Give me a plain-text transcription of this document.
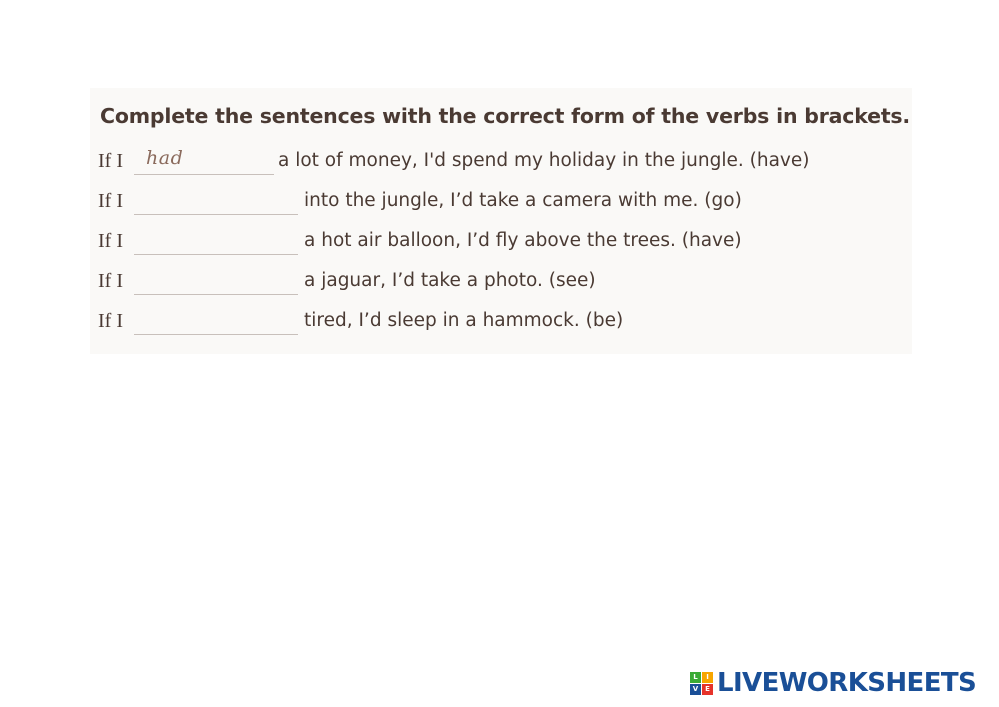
Complete the sentences with the correct form of the verbs in brackets.
If I had	a lot of money, I'd spend my holiday in the jungle. (have)
If I	into the jungle, I’d take a camera with me. (go)
If I	a hot air balloon, I’d fly above the trees. (have)
If I	a jaguar, I’d take a photo. (see)
If I	tired, I’d sleep in a hammock. (be)
L	I
V E LIVEWORKSHEETS
